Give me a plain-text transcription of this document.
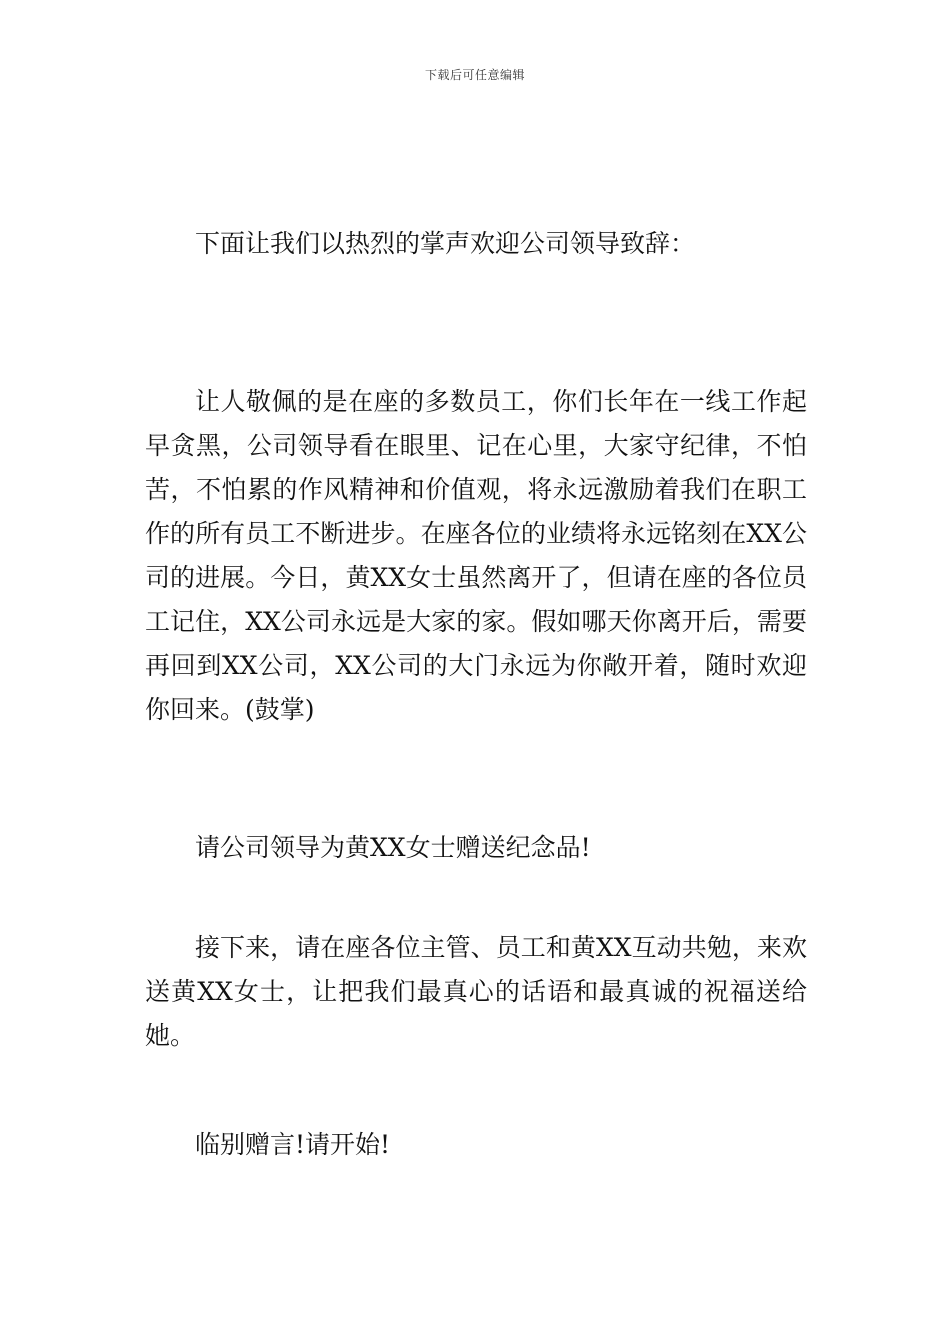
下载后可任意编辑

下面让我们以热烈的掌声欢迎公司领导致辞：

让人敬佩的是在座的多数员工，你们长年在一线工作起早贪黑，公司领导看在眼里、记在心里，大家守纪律，不怕苦，不怕累的作风精神和价值观，将永远激励着我们在职工作的所有员工不断进步。在座各位的业绩将永远铭刻在XX公司的进展。今日，黄XX女士虽然离开了，但请在座的各位员工记住，XX公司永远是大家的家。假如哪天你离开后，需要再回到XX公司，XX公司的大门永远为你敞开着，随时欢迎你回来。(鼓掌)

请公司领导为黄XX女士赠送纪念品!

接下来，请在座各位主管、员工和黄XX互动共勉，来欢送黄XX女士，让把我们最真心的话语和最真诚的祝福送给她。

临别赠言!请开始!
